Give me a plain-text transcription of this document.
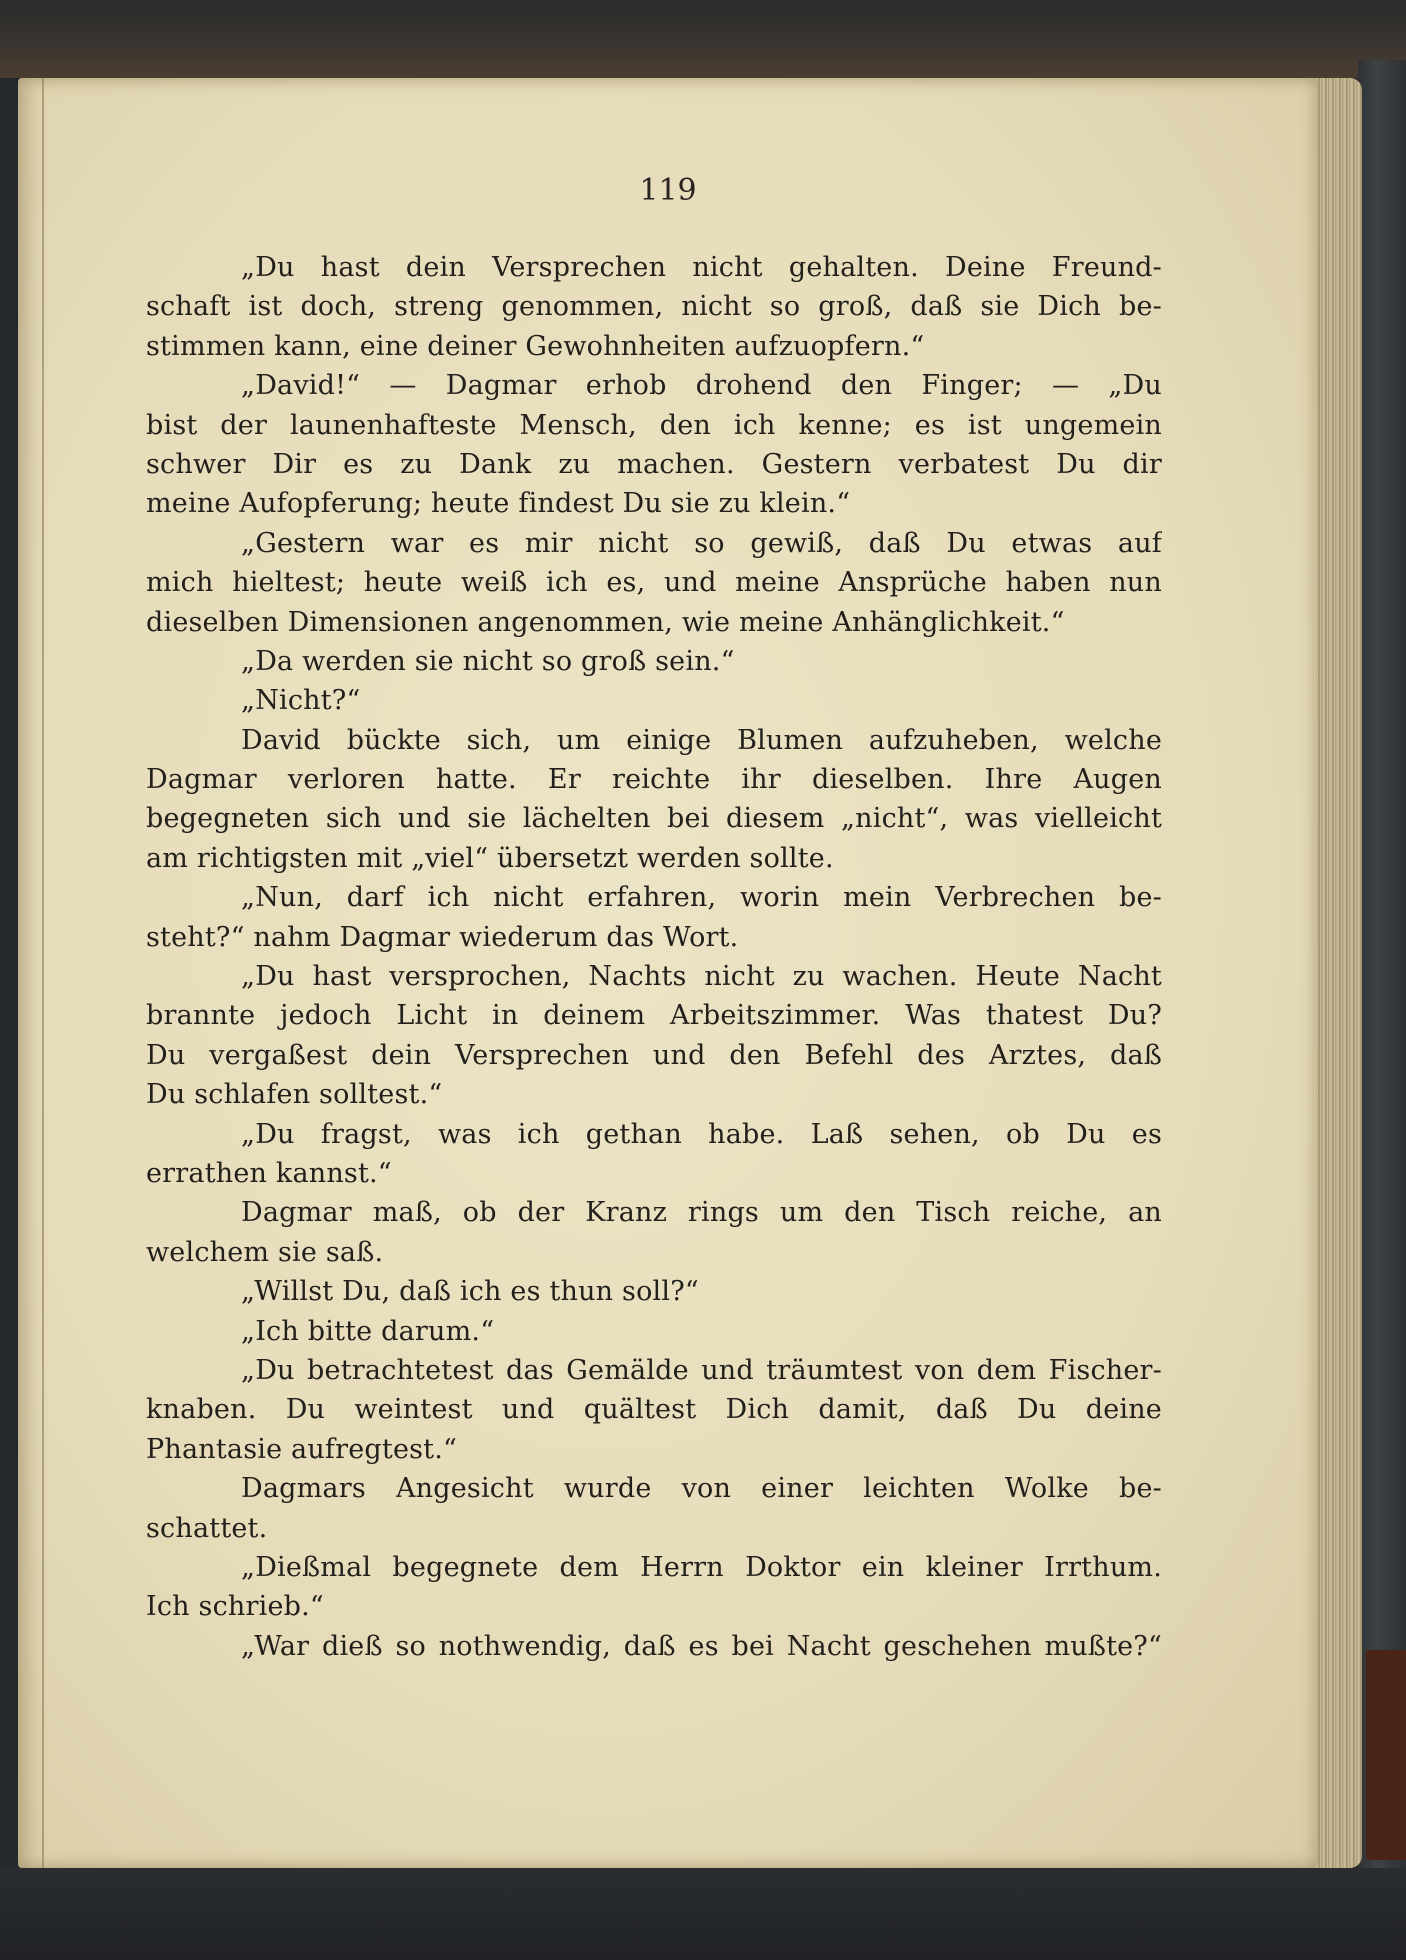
119
„Du hast dein Versprechen nicht gehalten. Deine Freund-
schaft ist doch, streng genommen, nicht so groß, daß sie Dich be-
stimmen kann, eine deiner Gewohnheiten aufzuopfern.“
„David!“ — Dagmar erhob drohend den Finger; — „Du
bist der launenhafteste Mensch, den ich kenne; es ist ungemein
schwer Dir es zu Dank zu machen. Gestern verbatest Du dir
meine Aufopferung; heute findest Du sie zu klein.“
„Gestern war es mir nicht so gewiß, daß Du etwas auf
mich hieltest; heute weiß ich es, und meine Ansprüche haben nun
dieselben Dimensionen angenommen, wie meine Anhänglichkeit.“
„Da werden sie nicht so groß sein.“
„Nicht?“
David bückte sich, um einige Blumen aufzuheben, welche
Dagmar verloren hatte. Er reichte ihr dieselben. Ihre Augen
begegneten sich und sie lächelten bei diesem „nicht“, was vielleicht
am richtigsten mit „viel“ übersetzt werden sollte.
„Nun, darf ich nicht erfahren, worin mein Verbrechen be-
steht?“ nahm Dagmar wiederum das Wort.
„Du hast versprochen, Nachts nicht zu wachen. Heute Nacht
brannte jedoch Licht in deinem Arbeitszimmer. Was thatest Du?
Du vergaßest dein Versprechen und den Befehl des Arztes, daß
Du schlafen solltest.“
„Du fragst, was ich gethan habe. Laß sehen, ob Du es
errathen kannst.“
Dagmar maß, ob der Kranz rings um den Tisch reiche, an
welchem sie saß.
„Willst Du, daß ich es thun soll?“
„Ich bitte darum.“
„Du betrachtetest das Gemälde und träumtest von dem Fischer-
knaben. Du weintest und quältest Dich damit, daß Du deine
Phantasie aufregtest.“
Dagmars Angesicht wurde von einer leichten Wolke be-
schattet.
„Dießmal begegnete dem Herrn Doktor ein kleiner Irrthum.
Ich schrieb.“
„War dieß so nothwendig, daß es bei Nacht geschehen mußte?“
